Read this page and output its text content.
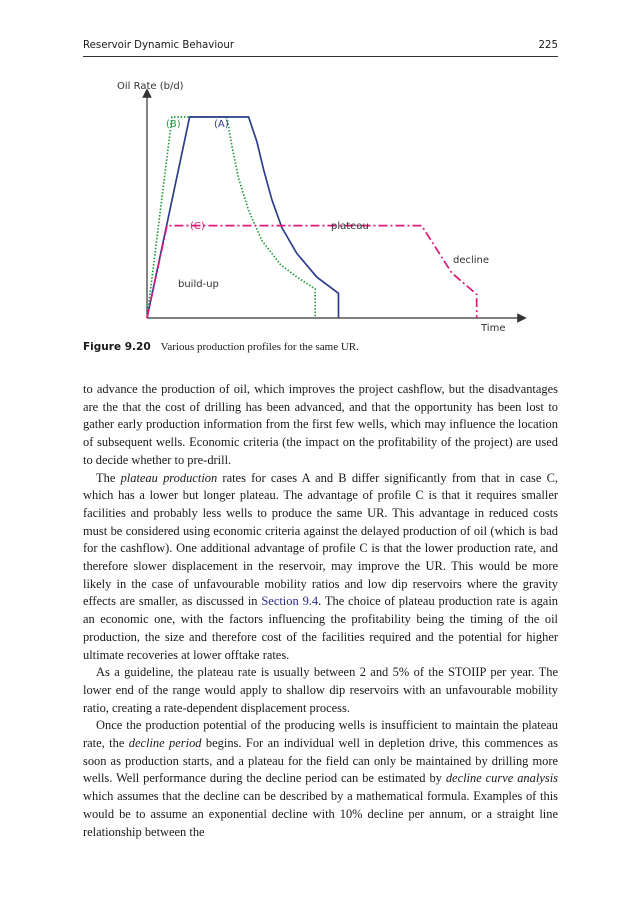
Reservoir Dynamic Behaviour	225
Oil Rate (b/d)
Time
(B)	(A)
(C)	plateau
decline
build-up
Figure 9.20 Various production profiles for the same UR.

to advance the production of oil, which improves the project cashflow, but the disadvantages are the that the cost of drilling has been advanced, and that the opportunity has been lost to gather early production information from the first few wells, which may influence the location of subsequent wells. Economic criteria (the impact on the profitability of the project) are used to decide whether to pre-drill.

The plateau production rates for cases A and B differ significantly from that in case C, which has a lower but longer plateau. The advantage of profile C is that it requires smaller facilities and probably less wells to produce the same UR. This advantage in reduced costs must be considered using economic criteria against the delayed production of oil (which is bad for the cashflow). One additional advantage of profile C is that the lower production rate, and therefore slower displacement in the reservoir, may improve the UR. This would be more likely in the case of unfavourable mobility ratios and low dip reservoirs where the gravity effects are smaller, as discussed in Section 9.4. The choice of plateau production rate is again an economic one, with the factors influencing the profitability being the timing of the oil production, the size and therefore cost of the facilities required and the potential for higher ultimate recoveries at lower offtake rates.

As a guideline, the plateau rate is usually between 2 and 5% of the STOIIP per year. The lower end of the range would apply to shallow dip reservoirs with an unfavourable mobility ratio, creating a rate-dependent displacement process.

Once the production potential of the producing wells is insufficient to maintain the plateau rate, the decline period begins. For an individual well in depletion drive, this commences as soon as production starts, and a plateau for the field can only be maintained by drilling more wells. Well performance during the decline period can be estimated by decline curve analysis which assumes that the decline can be described by a mathematical formula. Examples of this would be to assume an exponential decline with 10% decline per annum, or a straight line relationship between the
